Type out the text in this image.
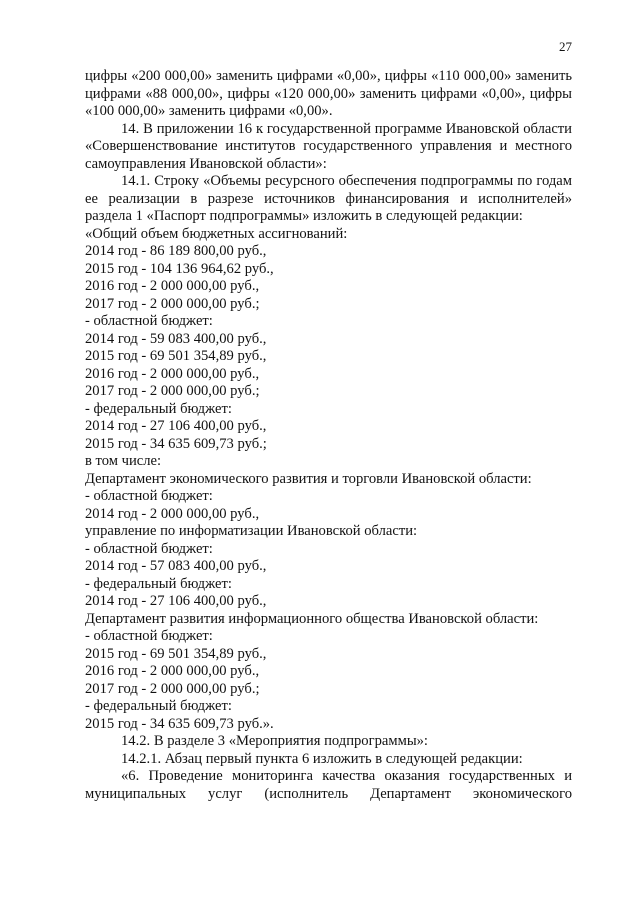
27

цифры «200 000,00» заменить цифрами «0,00», цифры «110 000,00» заменить цифрами «88 000,00», цифры «120 000,00» заменить цифрами «0,00», цифры «100 000,00» заменить цифрами «0,00».

14. В приложении 16 к государственной программе Ивановской области «Совершенствование институтов государственного управления и местного самоуправления Ивановской области»:

14.1. Строку «Объемы ресурсного обеспечения подпрограммы по годам ее реализации в разрезе источников финансирования и исполнителей» раздела 1 «Паспорт подпрограммы» изложить в следующей редакции:

«Общий объем бюджетных ассигнований:

2014 год - 86 189 800,00 руб.,

2015 год - 104 136 964,62 руб.,

2016 год - 2 000 000,00 руб.,

2017 год - 2 000 000,00 руб.;

- областной бюджет:

2014 год - 59 083 400,00 руб.,

2015 год - 69 501 354,89 руб.,

2016 год - 2 000 000,00 руб.,

2017 год - 2 000 000,00 руб.;

- федеральный бюджет:

2014 год - 27 106 400,00 руб.,

2015 год - 34 635 609,73 руб.;

в том числе:

Департамент экономического развития и торговли Ивановской области:

- областной бюджет:

2014 год - 2 000 000,00 руб.,

управление по информатизации Ивановской области:

- областной бюджет:

2014 год - 57 083 400,00 руб.,

- федеральный бюджет:

2014 год - 27 106 400,00 руб.,

Департамент развития информационного общества Ивановской области:

- областной бюджет:

2015 год - 69 501 354,89 руб.,

2016 год - 2 000 000,00 руб.,

2017 год - 2 000 000,00 руб.;

- федеральный бюджет:

2015 год - 34 635 609,73 руб.».

14.2. В разделе 3 «Мероприятия подпрограммы»:

14.2.1. Абзац первый пункта 6 изложить в следующей редакции:

«6. Проведение мониторинга качества оказания государственных и

муниципальных услуг (исполнитель Департамент экономического
